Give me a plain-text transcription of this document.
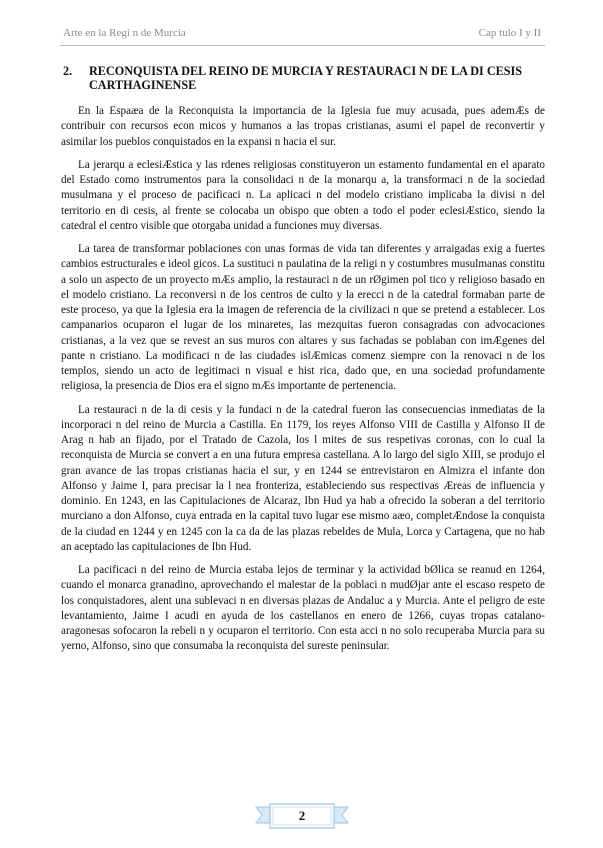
Arte en la Regi n de Murcia	Cap tulo I y II
2. RECONQUISTA DEL REINO DE MURCIA Y RESTAURACI N DE LA DI CESIS CARTHAGINENSE

En la Espaæa de la Reconquista la importancia de la Iglesia fue muy acusada, pues ademÆs de contribuir con recursos econ micos y humanos a las tropas cristianas, asumi el papel de reconvertir y asimilar los pueblos conquistados en la expansi n hacia el sur.

La jerarqu a eclesiÆstica y las rdenes religiosas constituyeron un estamento fundamental en el aparato del Estado como instrumentos para la consolidaci n de la monarqu a, la transformaci n de la sociedad musulmana y el proceso de pacificaci n. La aplicaci n del modelo cristiano implicaba la divisi n del territorio en di cesis, al frente se colocaba un obispo que obten a todo el poder eclesiÆstico, siendo la catedral el centro visible que otorgaba unidad a funciones muy diversas.

La tarea de transformar poblaciones con unas formas de vida tan diferentes y arraigadas exig a fuertes cambios estructurales e ideol gicos. La sustituci n paulatina de la religi n y costumbres musulmanas constitu a solo un aspecto de un proyecto mÆs amplio, la restauraci n de un rØgimen pol tico y religioso basado en el modelo cristiano. La reconversi n de los centros de culto y la erecci n de la catedral formaban parte de este proceso, ya que la Iglesia era la imagen de referencia de la civilizaci n que se pretend a establecer. Los campanarios ocuparon el lugar de los minaretes, las mezquitas fueron consagradas con advocaciones cristianas, a la vez que se revest an sus muros con altares y sus fachadas se poblaban con imÆgenes del pante n cristiano. La modificaci n de las ciudades islÆmicas comenz siempre con la renovaci n de los templos, siendo un acto de legitimaci n visual e hist rica, dado que, en una sociedad profundamente religiosa, la presencia de Dios era el signo mÆs importante de pertenencia.

La restauraci n de la di cesis y la fundaci n de la catedral fueron las consecuencias inmediatas de la incorporaci n del reino de Murcia a Castilla. En 1179, los reyes Alfonso VIII de Castilla y Alfonso II de Arag n hab an fijado, por el Tratado de Cazola, los l mites de sus respetivas coronas, con lo cual la reconquista de Murcia se convert a en una futura empresa castellana. A lo largo del siglo XIII, se produjo el gran avance de las tropas cristianas hacia el sur, y en 1244 se entrevistaron en Almizra el infante don Alfonso y Jaime I, para precisar la l nea fronteriza, estableciendo sus respectivas Æreas de influencia y dominio. En 1243, en las Capitulaciones de Alcaraz, Ibn Hud ya hab a ofrecido la soberan a del territorio murciano a don Alfonso, cuya entrada en la capital tuvo lugar ese mismo aæo, completÆndose la conquista de la ciudad en 1244 y en 1245 con la ca da de las plazas rebeldes de Mula, Lorca y Cartagena, que no hab an aceptado las capitulaciones de Ibn Hud.

La pacificaci n del reino de Murcia estaba lejos de terminar y la actividad bØlica se reanud en 1264, cuando el monarca granadino, aprovechando el malestar de la poblaci n mudØjar ante el escaso respeto de los conquistadores, alent una sublevaci n en diversas plazas de Andaluc a y Murcia. Ante el peligro de este levantamiento, Jaime I acudi en ayuda de los castellanos en enero de 1266, cuyas tropas catalano-aragonesas sofocaron la rebeli n y ocuparon el territorio. Con esta acci n no solo recuperaba Murcia para su yerno, Alfonso, sino que consumaba la reconquista del sureste peninsular.

2
